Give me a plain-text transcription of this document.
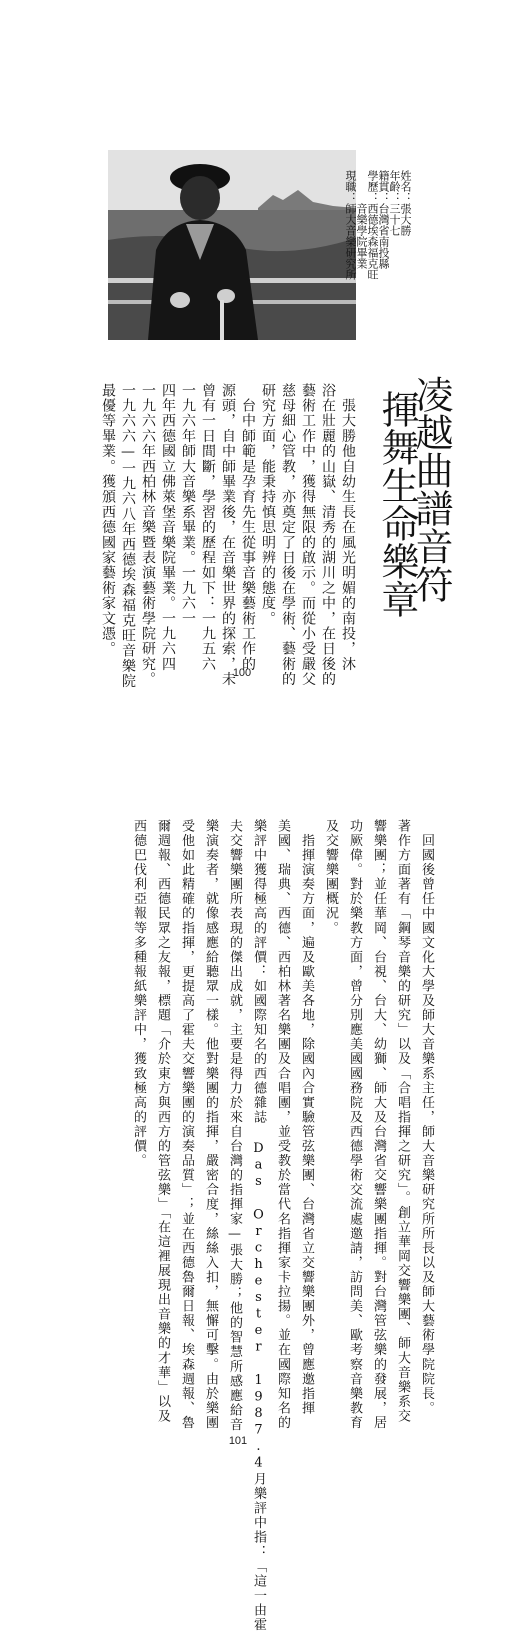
姓名：張大勝
年齡：三十七
籍貫：台灣省南投縣
學歷：西德埃森福克旺
　　　音樂學院畢業
現職：師大音樂研究所
凌越曲譜音符
揮舞生命樂章
　張大勝他自幼生長在風光明媚的南投，沐
浴在壯麗的山嶽、清秀的湖川之中，在日後的
藝術工作中，獲得無限的啟示。而從小受嚴父
慈母細心管教，亦奠定了日後在學術、藝術的
研究方面，能秉持慎思明辨的態度。
　台中師範是孕育先生從事音樂藝術工作的
源頭，自中師畢業後，在音樂世界的探索，未
曾有一日間斷，學習的歷程如下：一九五六
一九六年師大音樂系畢業。一九六一
四年西德國立佛萊堡音樂院畢業。一九六四
一九六六年西柏林音樂暨表演藝術學院研究。
一九六六—一九六八年西德埃森福克旺音樂院
最優等畢業。獲頒西德國家藝術家文憑。
100
　回國後曾任中國文化大學及師大音樂系主任，師大音樂研究所所長以及師大藝術學院院長。
著作方面著有「鋼琴音樂的研究」以及「合唱指揮之研究」。創立華岡交響樂團、師大音樂系交
響樂團；並任華岡、台視、台大、幼獅、師大及台灣省交響樂團指揮。對台灣管弦樂的發展，居
功厥偉。對於樂教方面，曾分別應美國國務院及西德學術交流處邀請，訪問美、歐考察音樂教育
及交響樂團概況。
　指揮演奏方面，遍及歐美各地，除國內合實驗管弦樂團、台灣省立交響樂團外，曾應邀指揮
美國、瑞典、西德、西柏林著名樂團及合唱團，並受教於當代名指揮家卡拉揚。並在國際知名的
樂評中獲得極高的評價：如國際知名的西德雜誌 Das Orchester 1987.4月樂評中指：「這一由霍
夫交響樂團所表現的傑出成就，主要是得力於來自台灣的指揮家—張大勝；他的智慧所感應給音
樂演奏者，就像感應給聽眾一樣。他對樂團的指揮，嚴密合度，絲絲入扣，無懈可擊。由於樂團
受他如此精確的指揮，更提高了霍夫交響樂團的演奏品質」；並在西德魯爾日報、埃森週報、魯
爾週報、西德民眾之友報，標題「介於東方與西方的管弦樂」「在這裡展現出音樂的才華」以及
西德巴伐利亞報等多種報紙樂評中，獲致極高的評價。
101
